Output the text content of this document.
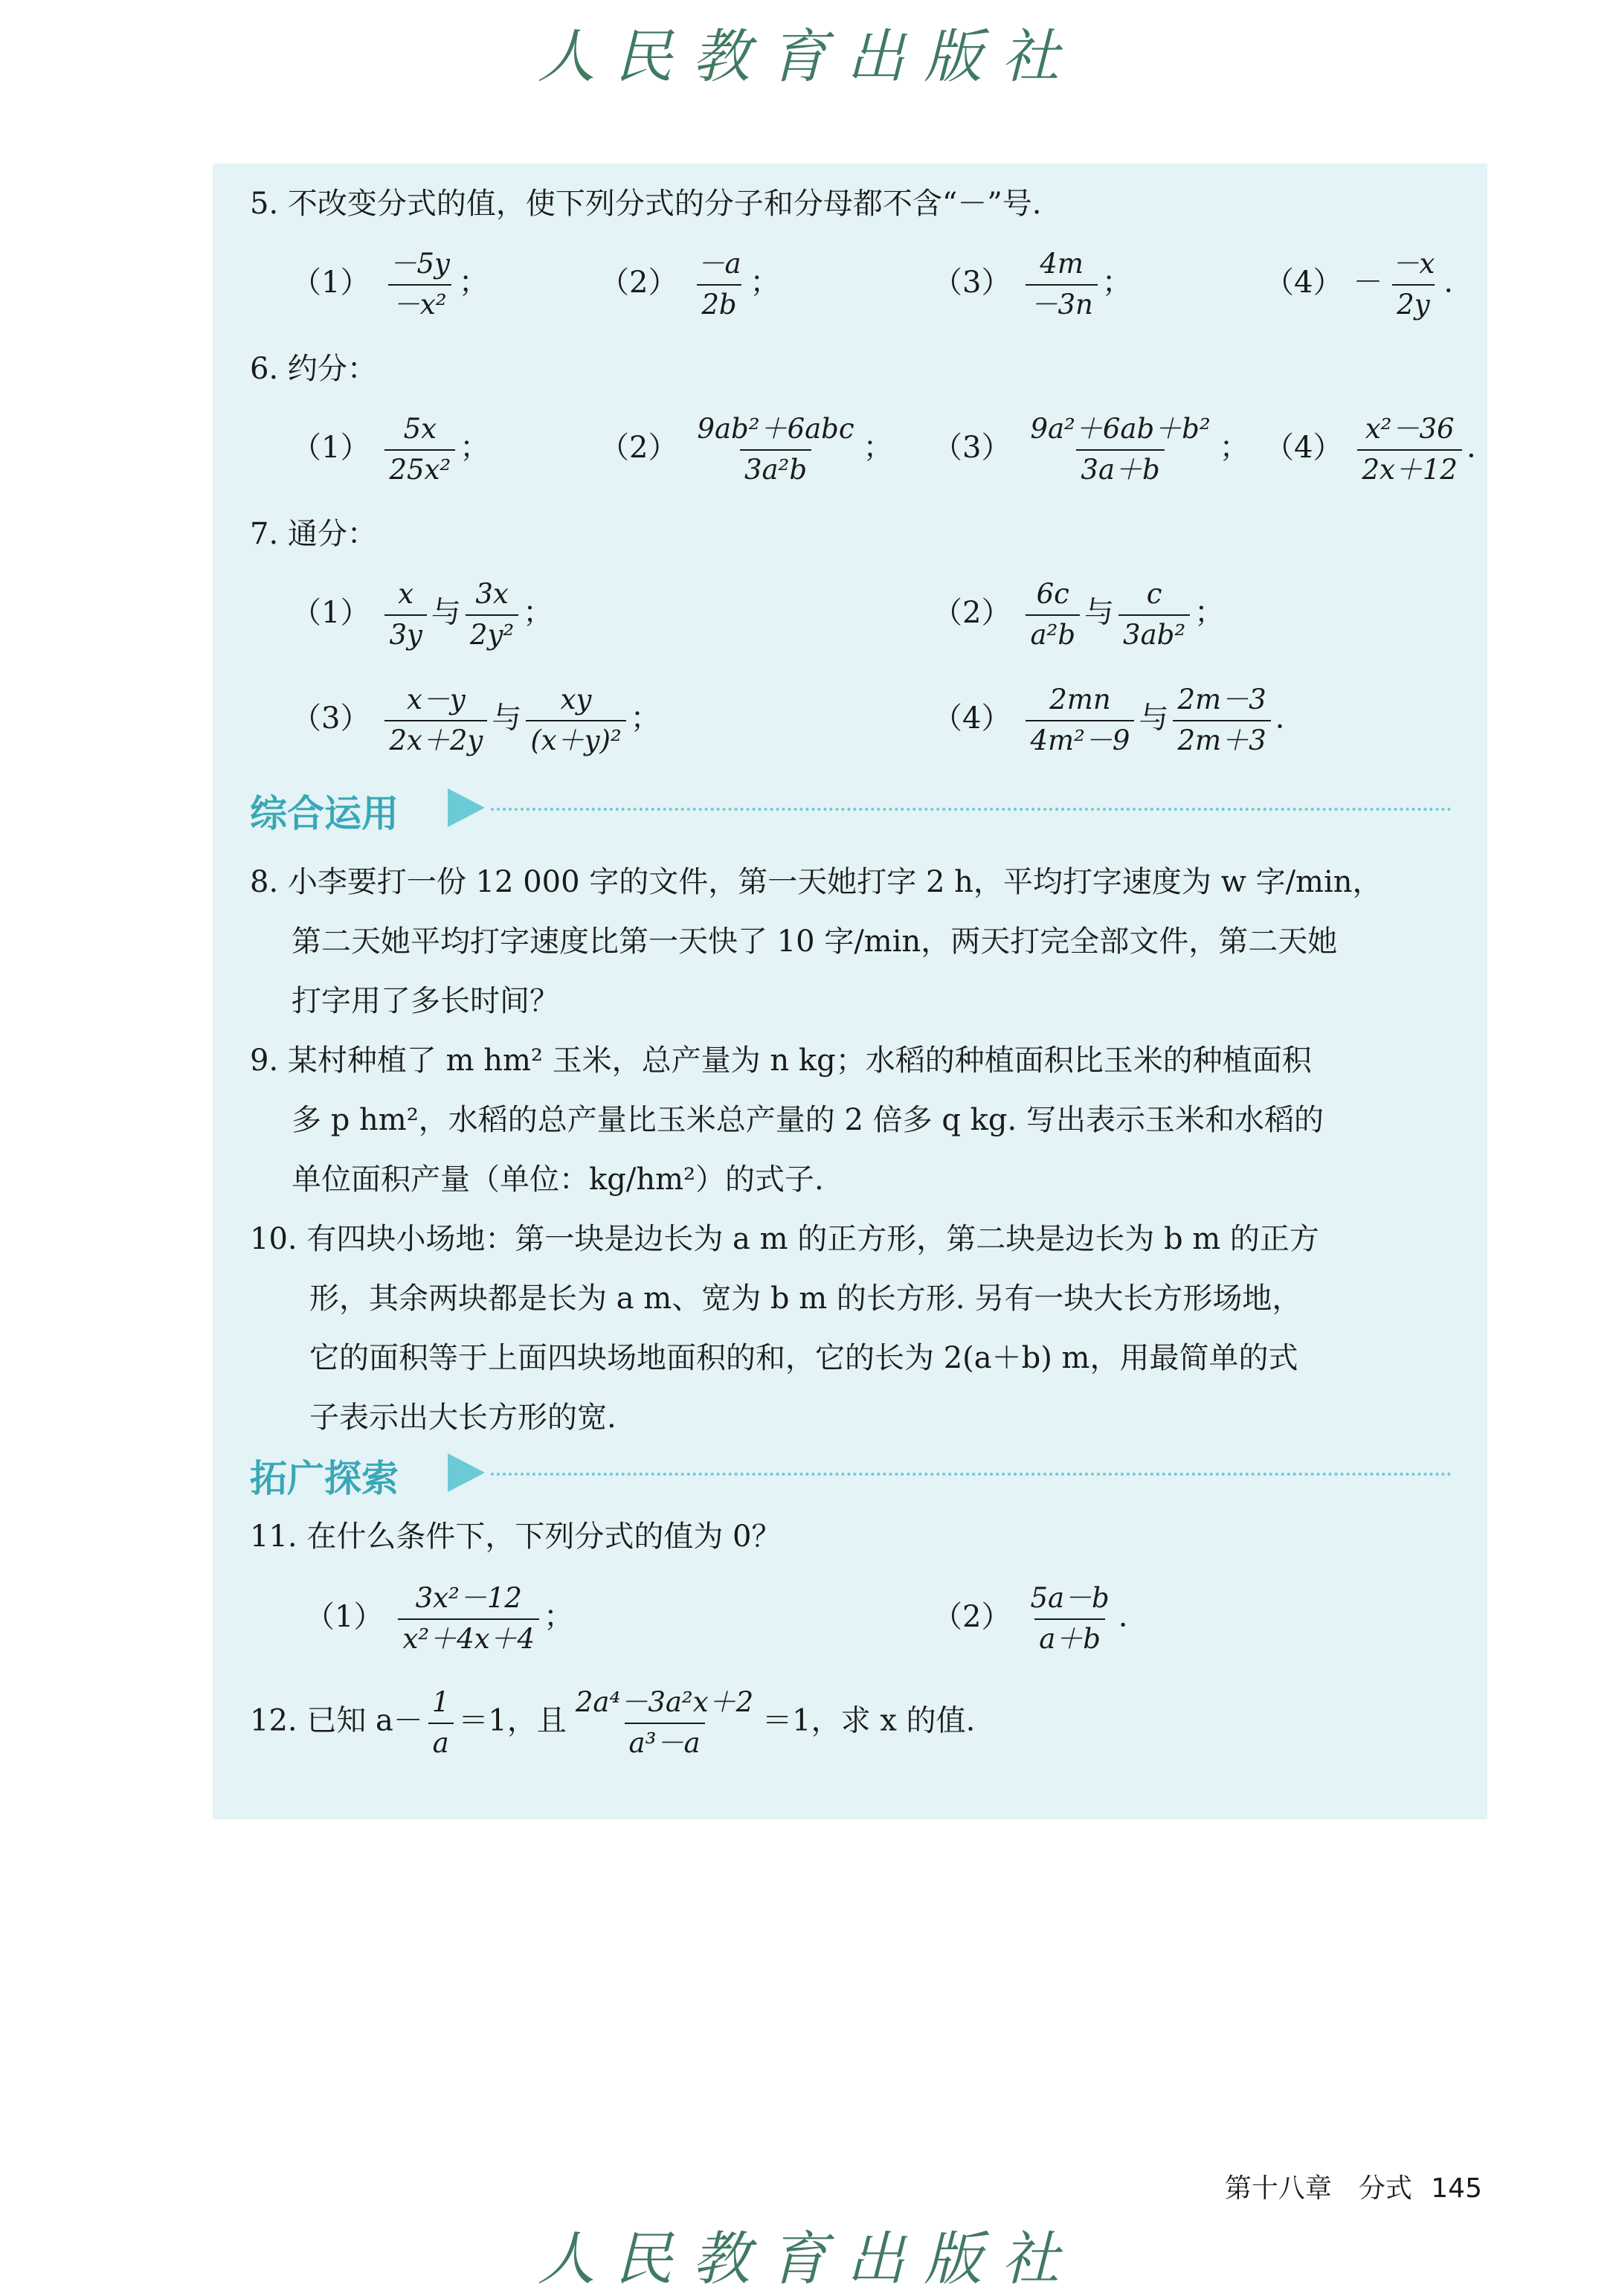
人民教育出版社
5. 不改变分式的值，使下列分式的分子和分母都不含“－”号.
$(1) \frac{-5y}{\text{－x²}}$ ；	$(2) \frac{-a}{2b}$ ；	$(3) \frac{4m}{-3n}$ ；	$(4) - \frac{-x}{2y}$ .
6. 约分：
$(1) \frac{5x}{\text{25x²}}$ ；	$(2) \frac{\text{9ab²＋6abc}}{\text{3a²b}}$ ； $(3) \frac{\text{9a²＋6ab＋b²}}{3a+b}$ ； $(4) \frac{\text{x²－36}}{2x+12}$ .
7. 通分：
$(1) \frac{x}{3y}$ 与 $\frac{3x}{\text{2y²}}$ ；	$(2) \frac{6c}{\text{a²b}}$ 与 $\frac{c}{\text{3ab²}}$ ；
$(3) \frac{x-y}{2x+2y}$ 与 $\frac{xy}{\text{(x＋y)²}}$ ；	$(4) \frac{2mn}{\text{4m²－9}}$ 与 $\frac{2m-3}{2m+3}$ .
综合运用
8. 小李要打一份 12 000 字的文件，第一天她打字 2 h，平均打字速度为 w 字/min，
第二天她平均打字速度比第一天快了 10 字/min，两天打完全部文件，第二天她
打字用了多长时间？
9. 某村种植了 m hm² 玉米，总产量为 n kg；水稻的种植面积比玉米的种植面积
多 p hm²，水稻的总产量比玉米总产量的 2 倍多 q kg. 写出表示玉米和水稻的
单位面积产量（单位：kg/hm²）的式子.
10. 有四块小场地：第一块是边长为 a m 的正方形，第二块是边长为 b m 的正方
形，其余两块都是长为 a m、宽为 b m 的长方形. 另有一块大长方形场地，
它的面积等于上面四块场地面积的和，它的长为 2(a＋b) m，用最简单的式
子表示出大长方形的宽.
拓广探索
11. 在什么条件下，下列分式的值为 0？
$(1) \frac{\text{3x²－12}}{\text{x²＋4x＋4}}$ ；	$(2) \frac{5a-b}{a+b}$ .
12. 已知 $a- \frac{1}{a} =1$，且 $\frac{\text{2a⁴－3a²x＋2}}{\text{a³－a}} =1$，求 x 的值.
第十八章　分式 145
人民教育出版社
